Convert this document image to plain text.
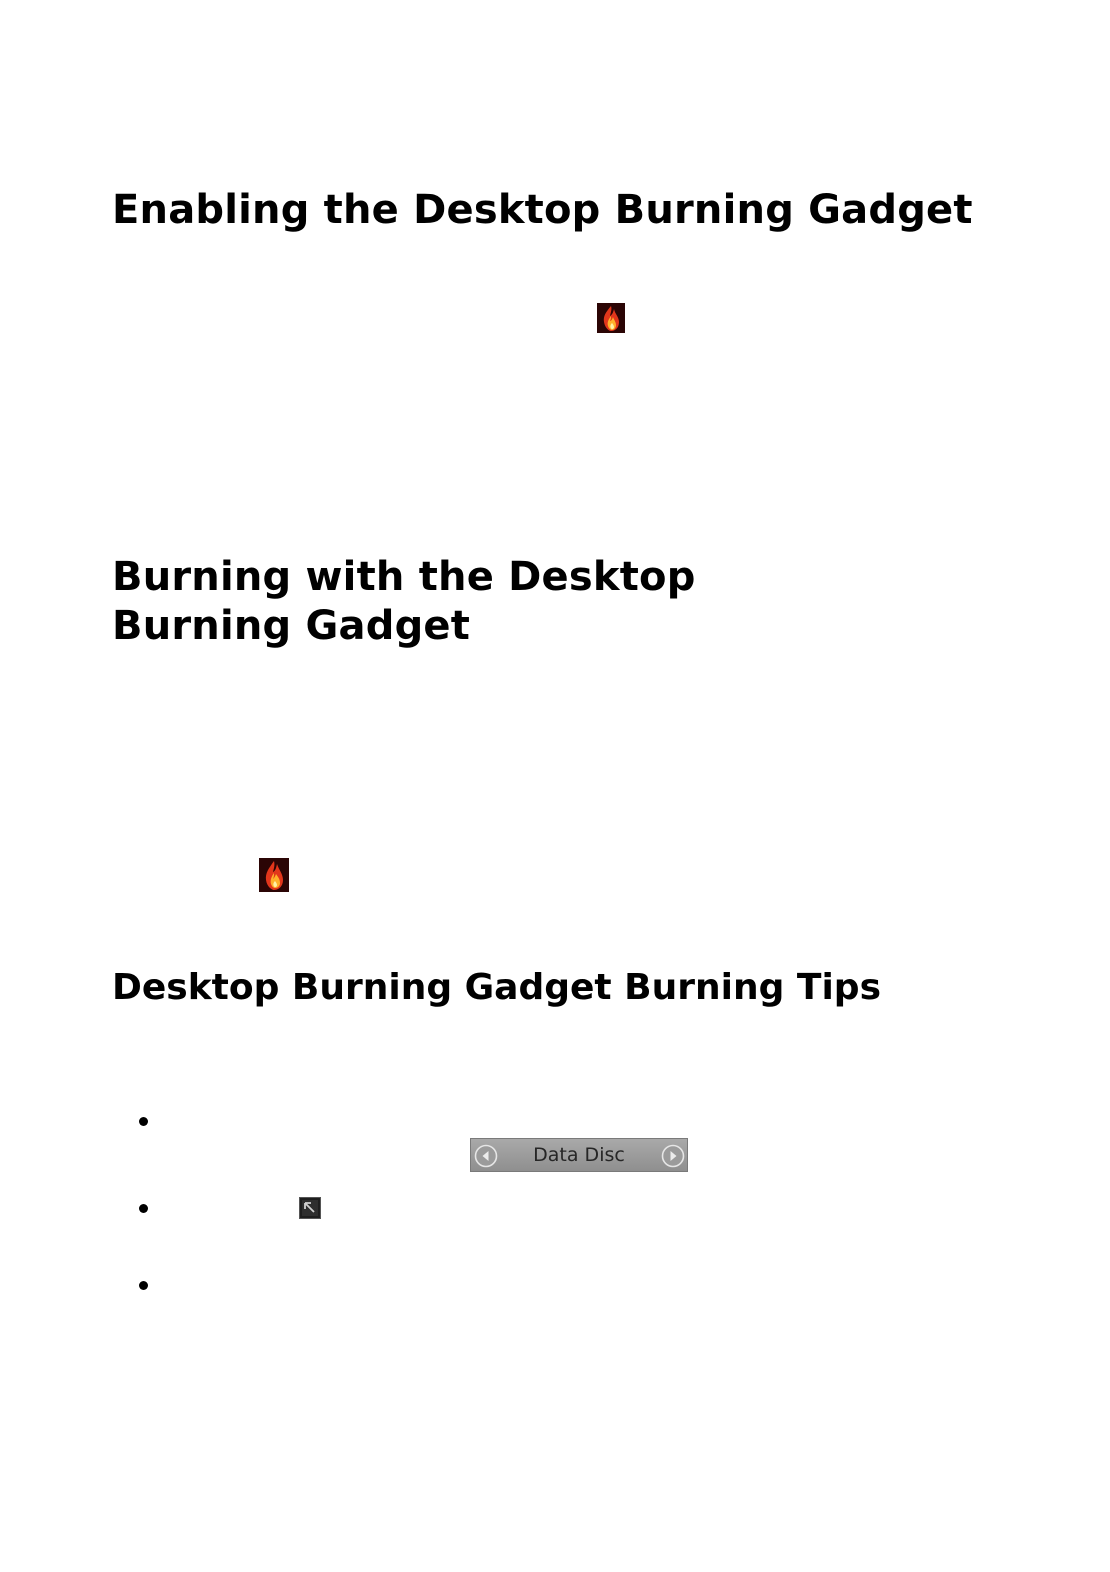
Enabling the Desktop Burning Gadget
Burning with the Desktop Burning Gadget
Desktop Burning Gadget Burning Tips
Data Disc
